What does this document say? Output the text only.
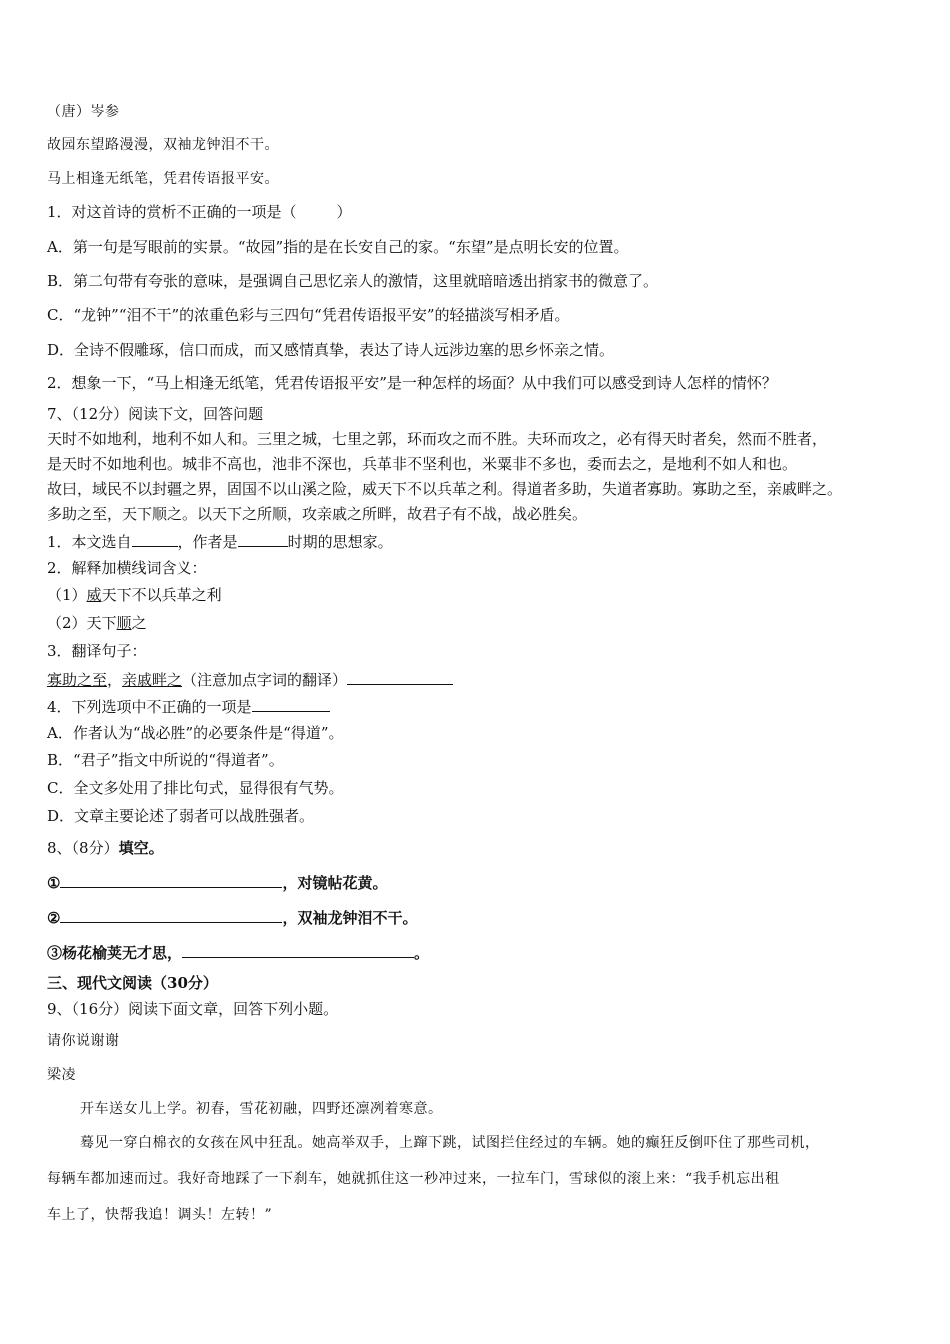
（唐）岑参
故园东望路漫漫，双袖龙钟泪不干。
马上相逢无纸笔，凭君传语报平安。
1．对这首诗的赏析不正确的一项是（	）
A．第一句是写眼前的实景。“故园”指的是在长安自己的家。“东望”是点明长安的位置。
B．第二句带有夸张的意味，是强调自己思忆亲人的激情，这里就暗暗透出捎家书的微意了。
C．“龙钟”“泪不干”的浓重色彩与三四句“凭君传语报平安”的轻描淡写相矛盾。
D．全诗不假雕琢，信口而成，而又感情真挚，表达了诗人远涉边塞的思乡怀亲之情。
2．想象一下，“马上相逢无纸笔，凭君传语报平安”是一种怎样的场面？从中我们可以感受到诗人怎样的情怀？
7、（12分）阅读下文，回答问题
天时不如地利，地利不如人和。三里之城，七里之郭，环而攻之而不胜。夫环而攻之，必有得天时者矣，然而不胜者，
是天时不如地利也。城非不高也，池非不深也，兵革非不坚利也，米粟非不多也，委而去之，是地利不如人和也。
故曰，域民不以封疆之界，固国不以山溪之险，威天下不以兵革之利。得道者多助，失道者寡助。寡助之至，亲戚畔之。
多助之至，天下顺之。以天下之所顺，攻亲戚之所畔，故君子有不战，战必胜矣。
1．本文选自	，作者是	时期的思想家。
2．解释加横线词含义：
（1）威天下不以兵革之利
（2）天下顺之
3．翻译句子：
寡助之至，亲戚畔之（注意加点字词的翻译）
4．下列选项中不正确的一项是
A．作者认为“战必胜”的必要条件是“得道”。
B．“君子”指文中所说的“得道者”。
C．全文多处用了排比句式，显得很有气势。
D．文章主要论述了弱者可以战胜强者。
8、（8分）填空。
①	，对镜帖花黄。
②	，双袖龙钟泪不干。
③杨花榆荚无才思，	。
三、现代文阅读（30分）
9、（16分）阅读下面文章，回答下列小题。
请你说谢谢
梁凌
开车送女儿上学。初春，雪花初融，四野还凛冽着寒意。
蓦见一穿白棉衣的女孩在风中狂乱。她高举双手，上蹿下跳，试图拦住经过的车辆。她的癫狂反倒吓住了那些司机，
每辆车都加速而过。我好奇地踩了一下刹车，她就抓住这一秒冲过来，一拉车门，雪球似的滚上来：“我手机忘出租
车上了，快帮我追！调头！左转！”
